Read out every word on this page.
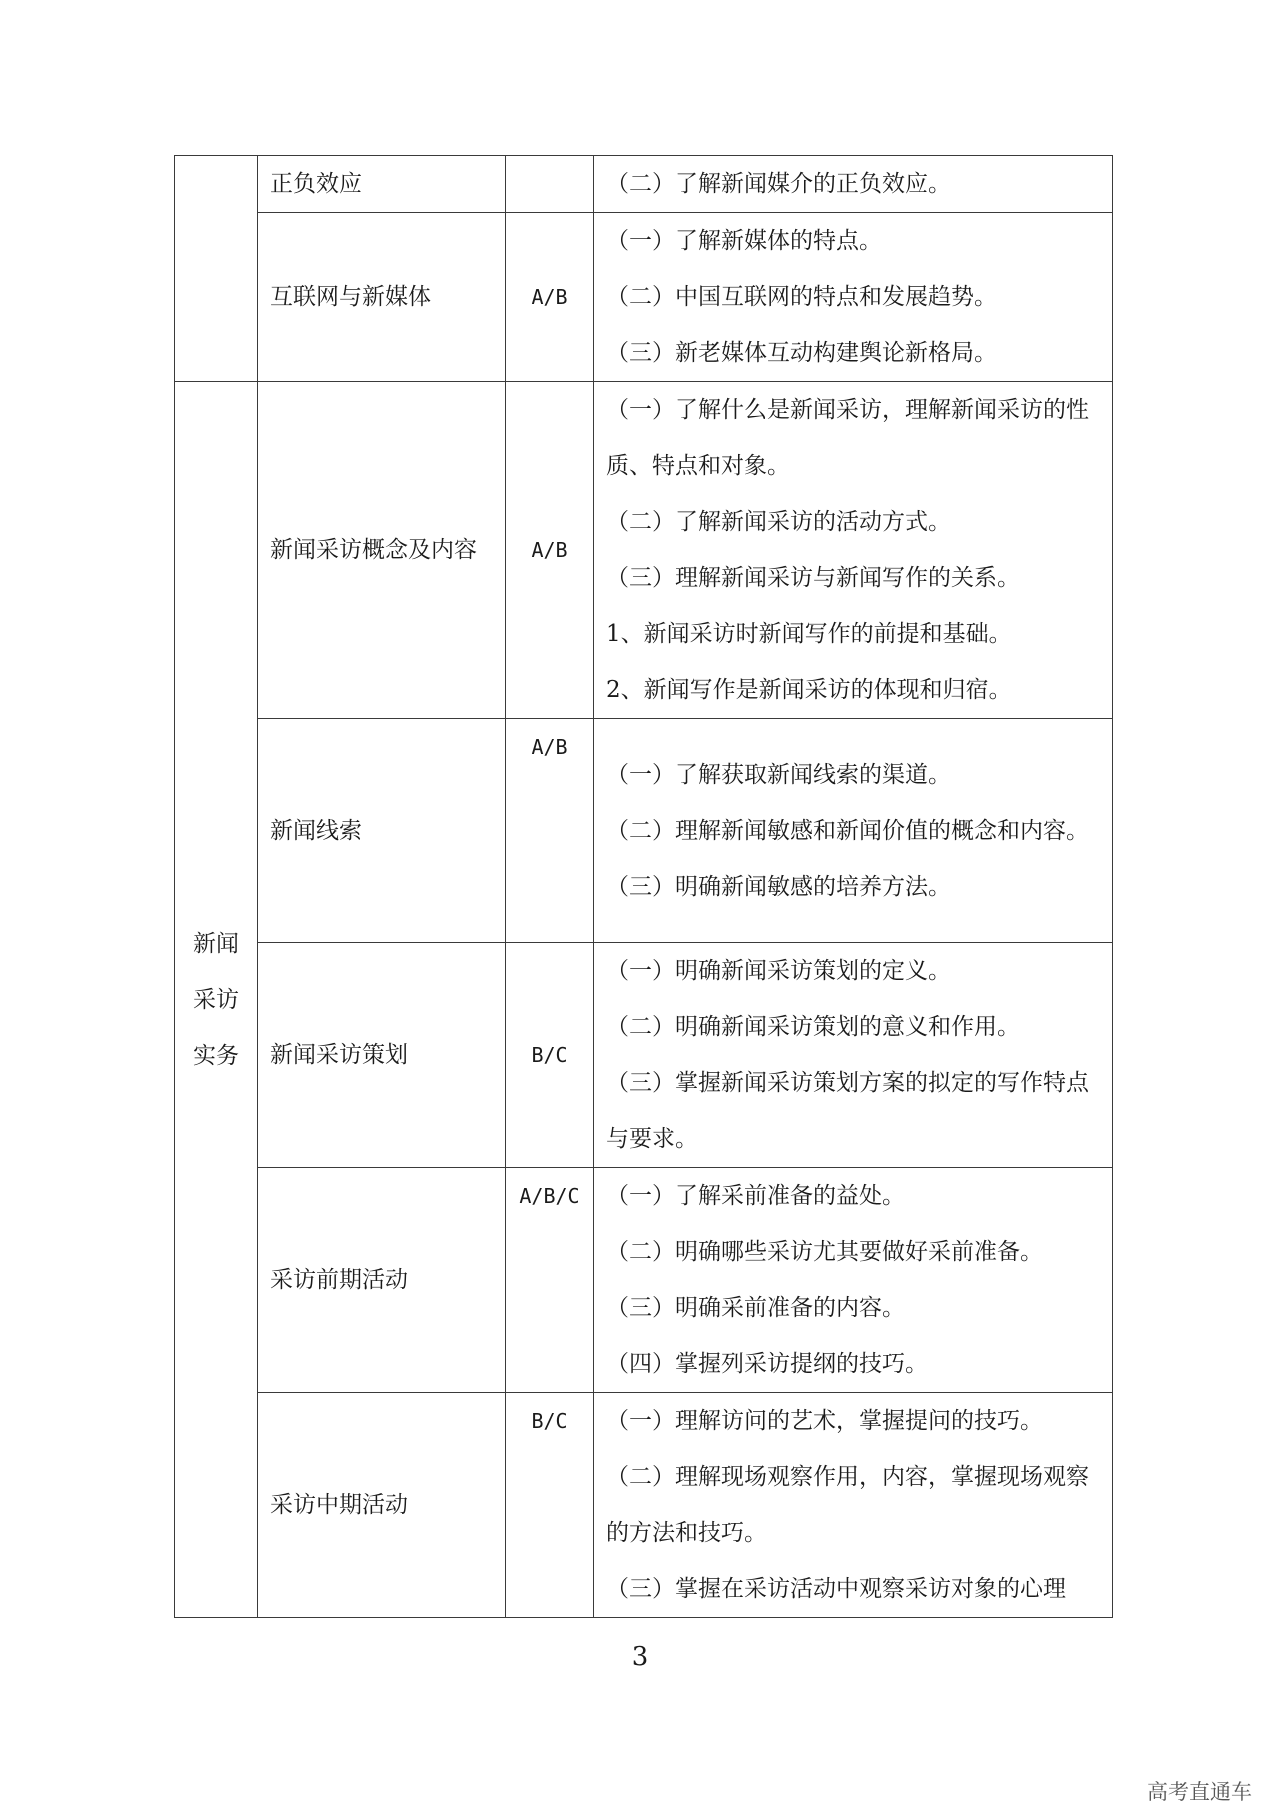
	正负效应		（二）了解新闻媒介的正负效应。

	互联网与新媒体	A/B	（一）了解新媒体的特点。
（二）中国互联网的特点和发展趋势。
（三）新老媒体互动构建舆论新格局。

新闻
采访
实务	新闻采访概念及内容	A/B	（一）了解什么是新闻采访，理解新闻采访的性质、特点和对象。
（二）了解新闻采访的活动方式。
（三）理解新闻采访与新闻写作的关系。
1、新闻采访时新闻写作的前提和基础。
2、新闻写作是新闻采访的体现和归宿。

	新闻线索	A/B	（一）了解获取新闻线索的渠道。
（二）理解新闻敏感和新闻价值的概念和内容。
（三）明确新闻敏感的培养方法。

	新闻采访策划	B/C	（一）明确新闻采访策划的定义。
（二）明确新闻采访策划的意义和作用。
（三）掌握新闻采访策划方案的拟定的写作特点与要求。

	采访前期活动	A/B/C	（一）了解采前准备的益处。
（二）明确哪些采访尤其要做好采前准备。
（三）明确采前准备的内容。
（四）掌握列采访提纲的技巧。

	采访中期活动	B/C	（一）理解访问的艺术，掌握提问的技巧。
（二）理解现场观察作用，内容，掌握现场观察的方法和技巧。
（三）掌握在采访活动中观察采访对象的心理
3
高考直通车
